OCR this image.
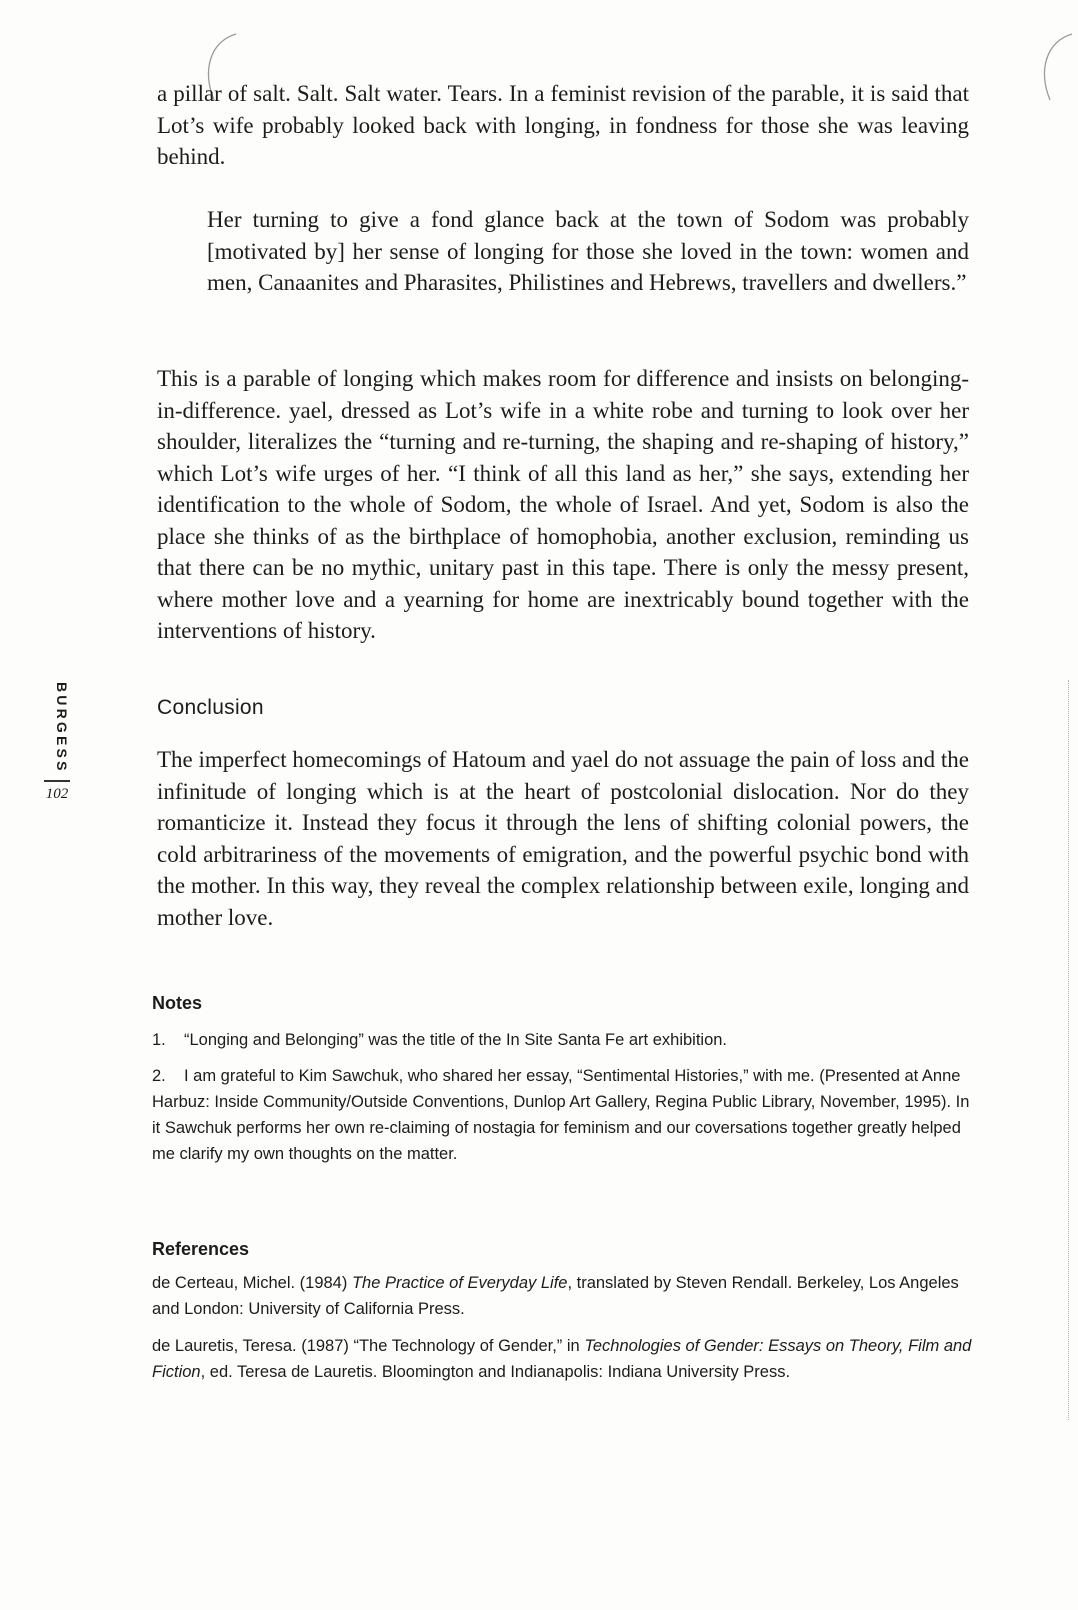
a pillar of salt. Salt. Salt water. Tears. In a feminist revision of the parable, it is said that Lot’s wife probably looked back with longing, in fondness for those she was leaving behind.

Her turning to give a fond glance back at the town of Sodom was probably [motivated by] her sense of longing for those she loved in the town: women and men, Canaanites and Pharasites, Philistines and Hebrews, travellers and dwellers.”

This is a parable of longing which makes room for difference and insists on belonging-in-difference. yael, dressed as Lot’s wife in a white robe and turning to look over her shoulder, literalizes the “turning and re-turning, the shaping and re-shaping of history,” which Lot’s wife urges of her. “I think of all this land as her,” she says, extending her identification to the whole of Sodom, the whole of Israel. And yet, Sodom is also the place she thinks of as the birthplace of homophobia, another exclusion, reminding us that there can be no mythic, unitary past in this tape. There is only the messy present, where mother love and a yearning for home are inextricably bound together with the interventions of history.

Conclusion

The imperfect homecomings of Hatoum and yael do not assuage the pain of loss and the infinitude of longing which is at the heart of postcolonial dislocation. Nor do they romanticize it. Instead they focus it through the lens of shifting colonial powers, the cold arbitrariness of the movements of emigration, and the powerful psychic bond with the mother. In this way, they reveal the complex relationship between exile, longing and mother love.

Notes

1. “Longing and Belonging” was the title of the In Site Santa Fe art exhibition.

2. I am grateful to Kim Sawchuk, who shared her essay, “Sentimental Histories,” with me. (Presented at Anne Harbuz: Inside Community/Outside Conventions, Dunlop Art Gallery, Regina Public Library, November, 1995). In it Sawchuk performs her own re-claiming of nostagia for feminism and our coversations together greatly helped me clarify my own thoughts on the matter.

References

de Certeau, Michel. (1984) The Practice of Everyday Life, translated by Steven Rendall. Berkeley, Los Angeles and London: University of California Press.

de Lauretis, Teresa. (1987) “The Technology of Gender,” in Technologies of Gender: Essays on Theory, Film and Fiction, ed. Teresa de Lauretis. Bloomington and Indianapolis: Indiana University Press.

BURGESS
102
